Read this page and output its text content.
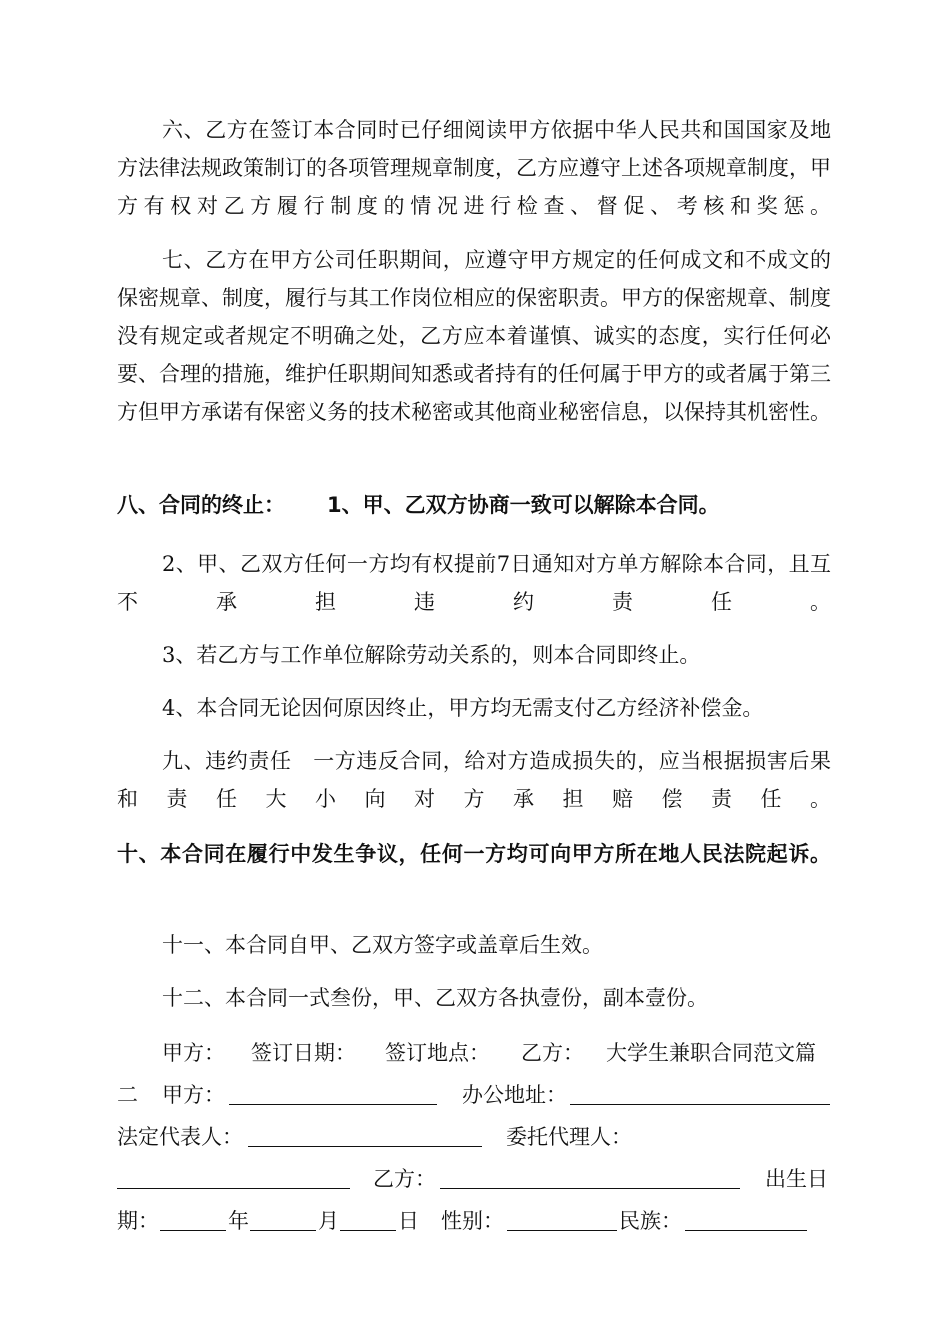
六、乙方在签订本合同时已仔细阅读甲方依据中华人民共和国国家及地方法律法规政策制订的各项管理规章制度，乙方应遵守上述各项规章制度，甲方有权对乙方履行制度的情况进行检查、督促、考核和奖惩。

七、乙方在甲方公司任职期间，应遵守甲方规定的任何成文和不成文的保密规章、制度，履行与其工作岗位相应的保密职责。甲方的保密规章、制度没有规定或者规定不明确之处，乙方应本着谨慎、诚实的态度，实行任何必要、合理的措施，维护任职期间知悉或者持有的任何属于甲方的或者属于第三方但甲方承诺有保密义务的技术秘密或其他商业秘密信息，以保持其机密性。

八、合同的终止： 1、甲、乙双方协商一致可以解除本合同。

2、甲、乙双方任何一方均有权提前7日通知对方单方解除本合同，且互不承担违约责任。

3、若乙方与工作单位解除劳动关系的，则本合同即终止。

4、本合同无论因何原因终止，甲方均无需支付乙方经济补偿金。

九、违约责任　一方违反合同，给对方造成损失的，应当根据损害后果和责任大小向对方承担赔偿责任。

十、本合同在履行中发生争议，任何一方均可向甲方所在地人民法院起诉。

十一、本合同自甲、乙双方签字或盖章后生效。

十二、本合同一式叁份，甲、乙双方各执壹份，副本壹份。

甲方： 签订日期： 签订地点： 乙方： 大学生兼职合同范文篇
二 甲方：	办公地址：
法定代表人：	委托代理人：
乙方：	出生日
期：	年	月	日 性别：	民族：
